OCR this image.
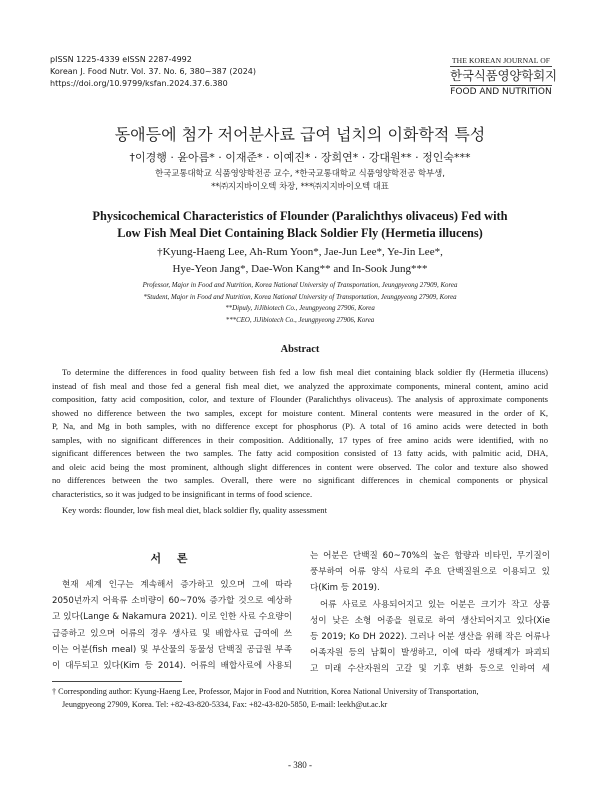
pISSN 1225-4339 eISSN 2287-4992
Korean J. Food Nutr. Vol. 37. No. 6, 380~387 (2024)
https://doi.org/10.9799/ksfan.2024.37.6.380
THE KOREAN JOURNAL OF
한국식품영양학회지
FOOD AND NUTRITION
동애등에 첨가 저어분사료 급여 넙치의 이화학적 특성
†이경행 · 윤아름* · 이재준* · 이예진* · 장희연* · 강대원** · 정인숙***
한국교통대학교 식품영양학전공 교수, *한국교통대학교 식품영양학전공 학부생,
**㈜지지바이오텍 차장, ***㈜지지바이오텍 대표
Physicochemical Characteristics of Flounder (Paralichthys olivaceus) Fed with
Low Fish Meal Diet Containing Black Soldier Fly (Hermetia illucens)
†Kyung-Haeng Lee, Ah-Rum Yoon*, Jae-Jun Lee*, Ye-Jin Lee*,
Hye-Yeon Jang*, Dae-Won Kang** and In-Sook Jung***
Professor, Major in Food and Nutrition, Korea National University of Transportation, Jeungpyeong 27909, Korea
*Student, Major in Food and Nutrition, Korea National University of Transportation, Jeungpyeong 27909, Korea
**Dipuly, JiJibiotech Co., Jeungpyeong 27906, Korea
***CEO, JiJibiotech Co., Jeungpyeong 27906, Korea
Abstract
To determine the differences in food quality between fish fed a low fish meal diet containing black soldier fly (Hermetia illucens)
instead of fish meal and those fed a general fish meal diet, we analyzed the approximate components, mineral content, amino acid
composition, fatty acid composition, color, and texture of Flounder (Paralichthys olivaceus). The analysis of approximate components
showed no difference between the two samples, except for moisture content. Mineral contents were measured in the order of K,
P, Na, and Mg in both samples, with no difference except for phosphorus (P). A total of 16 amino acids were detected in both
samples, with no significant differences in their composition. Additionally, 17 types of free amino acids were identified, with no
significant differences between the two samples. The fatty acid composition consisted of 13 fatty acids, with palmitic acid, DHA,
and oleic acid being the most prominent, although slight differences in content were observed. The color and texture also showed
no differences between the two samples. Overall, there were no significant differences in chemical components or physical
characteristics, so it was judged to be insignificant in terms of food science.
Key words: flounder, low fish meal diet, black soldier fly, quality assessment
서 론
현재 세계 인구는 계속해서 증가하고 있으며 그에 따라
2050년까지 어육류 소비량이 60~70% 증가할 것으로 예상하
고 있다(Lange & Nakamura 2021). 이로 인한 사료 수요량이
급증하고 있으며 어류의 경우 생사료 및 배합사료 급여에 쓰
이는 어분(fish meal) 및 부산물의 동물성 단백질 공급원 부족
이 대두되고 있다(Kim 등 2014). 어류의 배합사료에 사용되
는 어분은 단백질 60~70%의 높은 함량과 비타민, 무기질이
풍부하여 어류 양식 사료의 주요 단백질원으로 이용되고 있
다(Kim 등 2019).
어류 사료로 사용되어지고 있는 어분은 크기가 작고 상품
성이 낮은 소형 어종을 원료로 하여 생산되어지고 있다(Xie
등 2019; Ko DH 2022). 그러나 어분 생산을 위해 작은 어류나
어족자원 등의 남획이 발생하고, 이에 따라 생태계가 파괴되
고 미래 수산자원의 고갈 및 기후 변화 등으로 인하여 세
† Corresponding author: Kyung-Haeng Lee, Professor, Major in Food and Nutrition, Korea National University of Transportation,
Jeungpyeong 27909, Korea. Tel: +82-43-820-5334, Fax: +82-43-820-5850, E-mail: leekh@ut.ac.kr
- 380 -
